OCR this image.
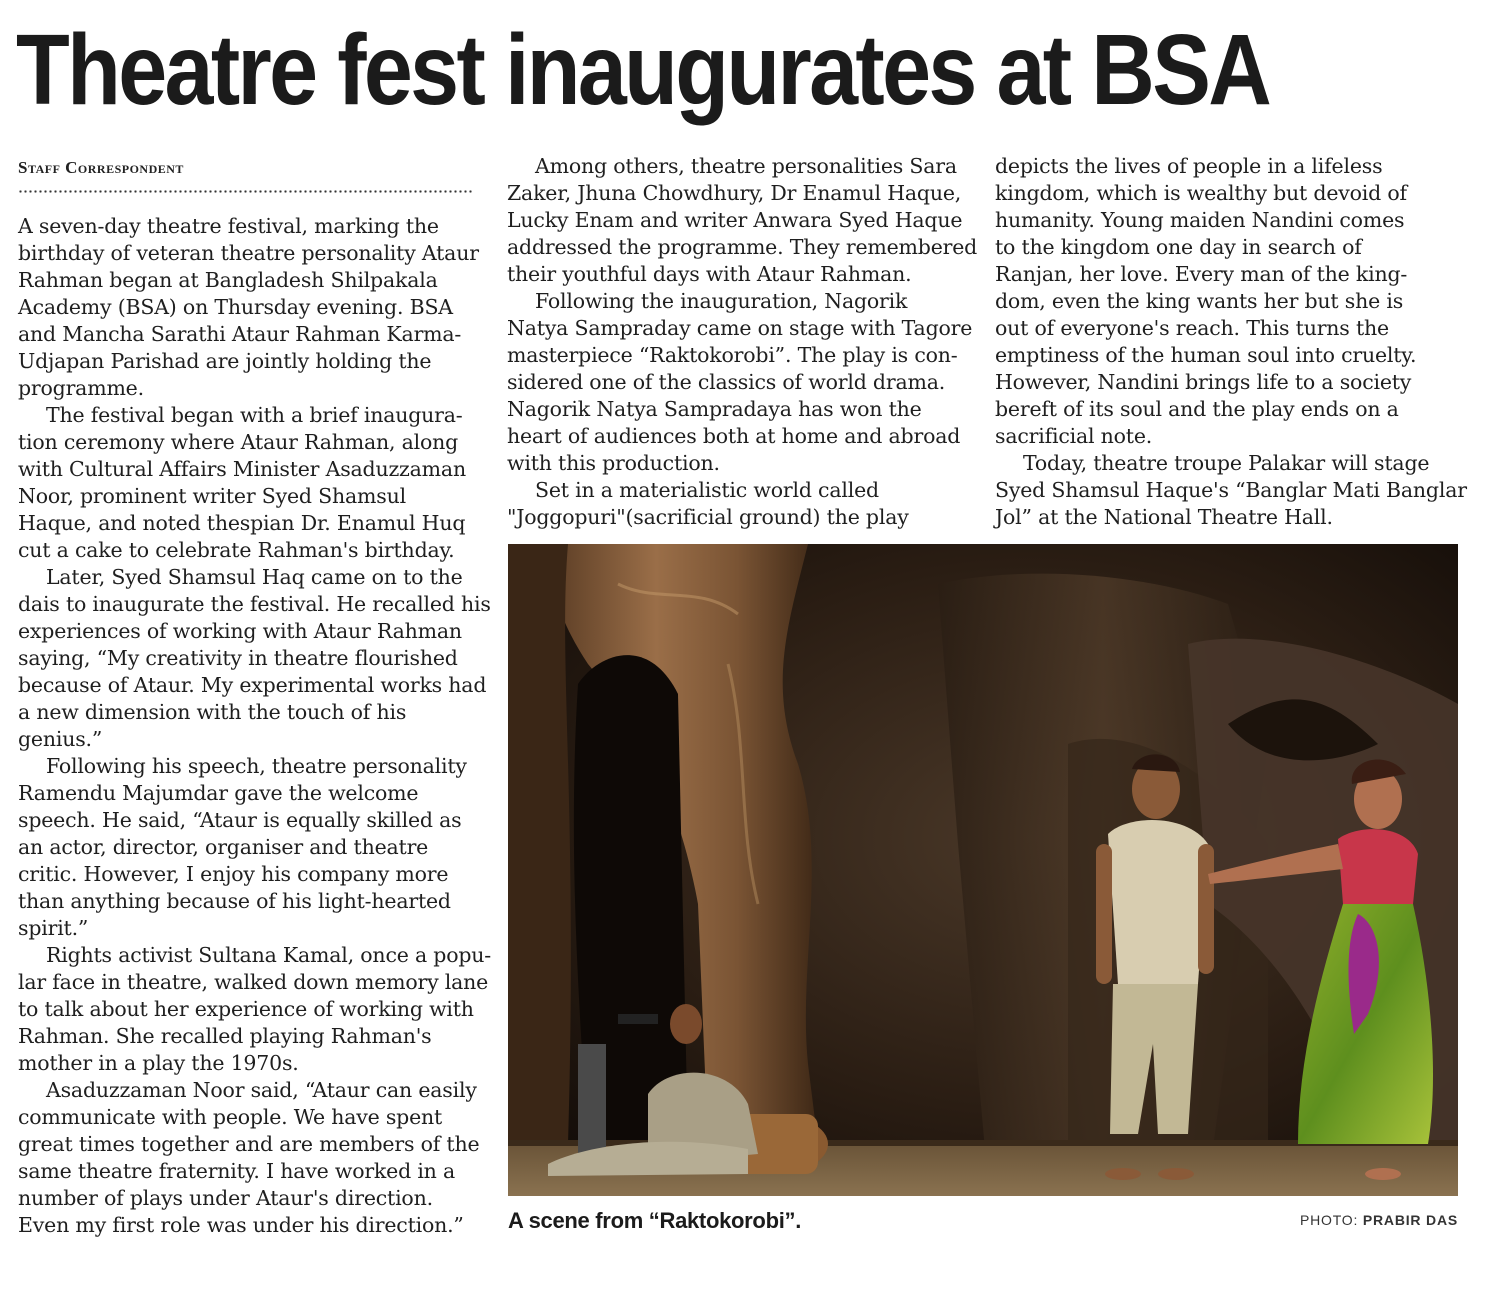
Theatre fest inaugurates at BSA
Staff Correspondent
A seven-day theatre festival, marking the
birthday of veteran theatre personality Ataur
Rahman began at Bangladesh Shilpakala
Academy (BSA) on Thursday evening. BSA
and Mancha Sarathi Ataur Rahman Karma-
Udjapan Parishad are jointly holding the
programme.
The festival began with a brief inaugura-
tion ceremony where Ataur Rahman, along
with Cultural Affairs Minister Asaduzzaman
Noor, prominent writer Syed Shamsul
Haque, and noted thespian Dr. Enamul Huq
cut a cake to celebrate Rahman's birthday.
Later, Syed Shamsul Haq came on to the
dais to inaugurate the festival. He recalled his
experiences of working with Ataur Rahman
saying, “My creativity in theatre flourished
because of Ataur. My experimental works had
a new dimension with the touch of his
genius.”
Following his speech, theatre personality
Ramendu Majumdar gave the welcome
speech. He said, “Ataur is equally skilled as
an actor, director, organiser and theatre
critic. However, I enjoy his company more
than anything because of his light-hearted
spirit.”
Rights activist Sultana Kamal, once a popu-
lar face in theatre, walked down memory lane
to talk about her experience of working with
Rahman. She recalled playing Rahman's
mother in a play the 1970s.
Asaduzzaman Noor said, “Ataur can easily
communicate with people. We have spent
great times together and are members of the
same theatre fraternity. I have worked in a
number of plays under Ataur's direction.
Even my first role was under his direction.”
Among others, theatre personalities Sara
Zaker, Jhuna Chowdhury, Dr Enamul Haque,
Lucky Enam and writer Anwara Syed Haque
addressed the programme. They remembered
their youthful days with Ataur Rahman.
Following the inauguration, Nagorik
Natya Sampraday came on stage with Tagore
masterpiece “Raktokorobi”. The play is con-
sidered one of the classics of world drama.
Nagorik Natya Sampradaya has won the
heart of audiences both at home and abroad
with this production.
Set in a materialistic world called
"Joggopuri"(sacrificial ground) the play
depicts the lives of people in a lifeless
kingdom, which is wealthy but devoid of
humanity. Young maiden Nandini comes
to the kingdom one day in search of
Ranjan, her love. Every man of the king-
dom, even the king wants her but she is
out of everyone's reach. This turns the
emptiness of the human soul into cruelty.
However, Nandini brings life to a society
bereft of its soul and the play ends on a
sacrificial note.
Today, theatre troupe Palakar will stage
Syed Shamsul Haque's “Banglar Mati Banglar
Jol” at the National Theatre Hall.
A scene from “Raktokorobi”.	PHOTO: PRABIR DAS
